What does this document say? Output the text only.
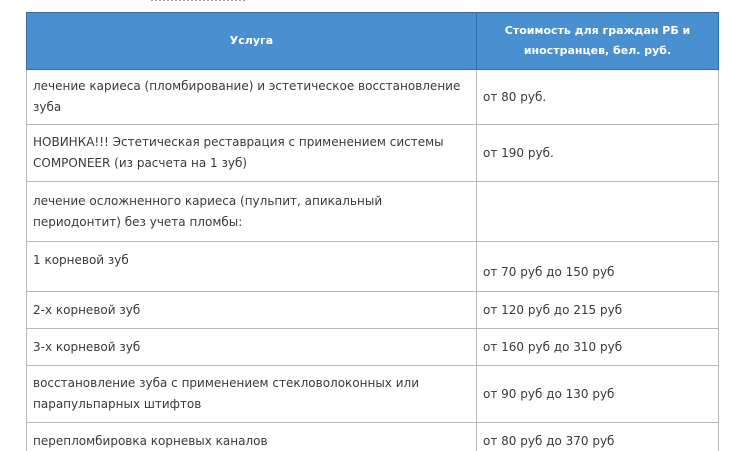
Услуга	Стоимость для граждан РБ и иностранцев, бел. руб.
лечение кариеса (пломбирование) и эстетическое восстановление зуба	от 80 руб.
НОВИНКА!!! Эстетическая реставрация с применением системы COMPONEER (из расчета на 1 зуб)	от 190 руб.
лечение осложненного кариеса (пульпит, апикальный периодонтит) без учета пломбы:	
1 корневой зуб	от 70 руб до 150 руб
2-х корневой зуб	от 120 руб до 215 руб
3-х корневой зуб	от 160 руб до 310 руб
восстановление зуба с применением стекловолоконных или парапульпарных штифтов	от 90 руб до 130 руб
перепломбировка корневых каналов	от 80 руб до 370 руб
